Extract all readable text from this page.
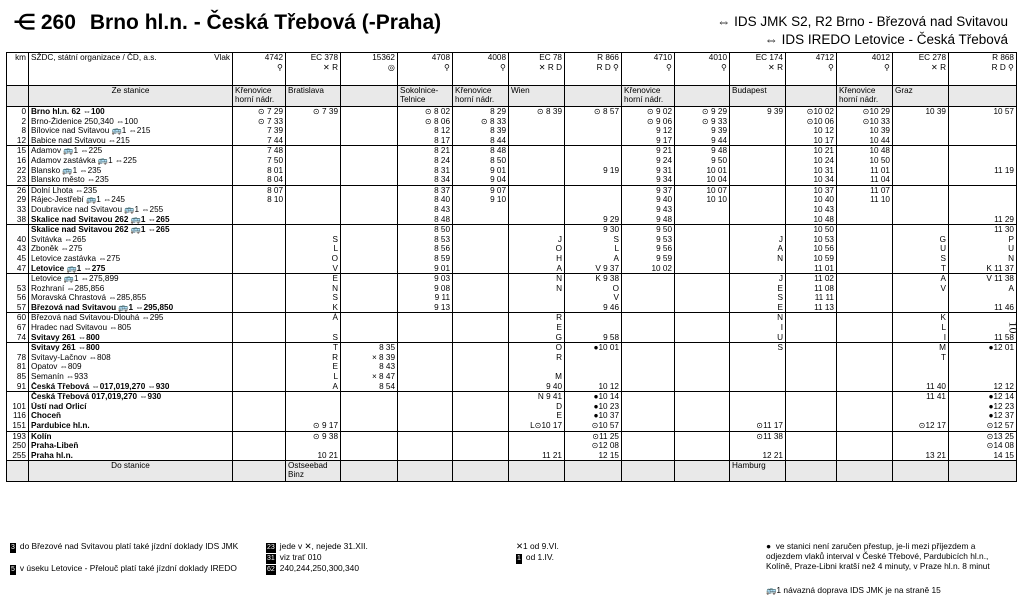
⋲ 260 Brno hl.n. - Česká Třebová (-Praha)	⇔ IDS JMK S2, R2 Brno - Březová nad Svitavou
⇔ IDS IREDO Letovice - Česká Třebová
10
km	SŽDC, státní organizace / ČD, a.s. Vlak	4742	EC 378	15362	4708	4008	EC 78	R 866	4710	4010	EC 174	4712	4012	EC 278	R 868
		⚲	✕ R	◎	⚲	⚲	✕ R D	R D ⚲	⚲	⚲	✕ R	⚲	⚲	✕ R	R D ⚲
	Ze stanice	Křenovice horní nádr.	Bratislava		Sokolnice-Telnice	Křenovice horní nádr.	Wien		Křenovice horní nádr.		Budapest		Křenovice horní nádr.	Graz	
0	Brno hl.n. 62 ⇔100	⊙ 7 29	⊙ 7 39		⊙ 8 02	8 29	⊙ 8 39	⊙ 8 57	⊙ 9 02	⊙ 9 29	9 39	⊙10 02	⊙10 29	10 39	10 57
2	Brno-Židenice 250,340 ⇔100	⊙ 7 33			⊙ 8 06	⊙ 8 33			⊙ 9 06	⊙ 9 33		⊙10 06	⊙10 33		
8	Bílovice nad Svitavou 🚌1 ⇔215	7 39			8 12	8 39			9 12	9 39		10 12	10 39		
12	Babice nad Svitavou ⇔215	7 44			8 17	8 44			9 17	9 44		10 17	10 44		
15	Adamov 🚌1 ⇔225	7 48			8 21	8 48			9 21	9 48		10 21	10 48		
16	Adamov zastávka 🚌1 ⇔225	7 50			8 24	8 50			9 24	9 50		10 24	10 50		
22	Blansko 🚌1 ⇔235	8 01			8 31	9 01		9 19	9 31	10 01		10 31	11 01		11 19
23	Blansko město ⇔235	8 04			8 34	9 04			9 34	10 04		10 34	11 04		
26	Dolní Lhota ⇔235	8 07			8 37	9 07			9 37	10 07		10 37	11 07		
29	Rájec-Jestřebí 🚌1 ⇔245	8 10			8 40	9 10			9 40	10 10		10 40	11 10		
33	Doubravice nad Svitavou 🚌1 ⇔255				8 43				9 43			10 43			
38	Skalice nad Svitavou 262 🚌1 ⇔265				8 48			9 29	9 48			10 48			11 29
	Skalice nad Svitavou 262 🚌1 ⇔265				8 50			9 30	9 50			10 50			11 30
40	Svitávka ⇔265		S		8 53		J	S	9 53		J	10 53		G	P
43	Zboněk ⇔275		L		8 56		O	L	9 56		A	10 56		U	U
45	Letovice zastávka ⇔275		O		8 59		H	A	9 59		N	10 59		S	N
47	Letovice 🚌1 ⇔275		V		9 01		A	V 9 37	10 02			11 01		T	K 11 37
	Letovice 🚌1 ⇔275,899		E		9 03		N	K 9 38			J	11 02		A	V 11 38
53	Rozhraní ⇔285,856		N		9 08		N	O			E	11 08		V	A
56	Moravská Chrastová ⇔285,855		S		9 11			V			S	11 11			
57	Březová nad Svitavou 🚌1 ⇔295,850		K		9 13			9 46			E	11 13			11 46
60	Březová nad Svitavou-Dlouhá ⇔295		Á				R				N			K	
67	Hradec nad Svitavou ⇔805						E				I			L	
74	Svitavy 261 ⇔800		S				G	9 58			U			I	11 58
	Svitavy 261 ⇔800		T	8 35			O	●10 01			S			M	●12 01
78	Svitavy-Lačnov ⇔808		R	× 8 39			R							T	
81	Opatov ⇔809		E	8 43											
85	Semanín ⇔933		L	× 8 47			M								
91	Česká Třebová ⇔017,019,270 ⇔930		A	8 54			9 40	10 12						11 40	12 12
	Česká Třebová 017,019,270 ⇔930						N 9 41	●10 14						11 41	●12 14
101	Ústí nad Orlicí						D	●10 23							●12 23
116	Choceň						E	●10 37							●12 37
151	Pardubice hl.n.		⊙ 9 17				L⊙10 17	⊙10 57			⊙11 17			⊙12 17	⊙12 57
193	Kolín		⊙ 9 38					⊙11 25			⊙11 38				⊙13 25
250	Praha-Libeň							⊙12 08							⊙14 08
255	Praha hl.n.		10 21				11 21	12 15			12 21			13 21	14 15
	Do stanice		Ostseebad Binz								Hamburg				
3 do Březové nad Svitavou platí také jízdní doklady IDS JMK
5 v úseku Letovice - Přelouč platí také jízdní doklady IREDO
23 jede v ✕, nejede 31.XII.
31 viz trať 010
62 240,244,250,300,340
✕1 od 9.VI.
1 od 1.IV.
● ve stanici není zaručen přestup, je-li mezi příjezdem a odjezdem vlaků interval v České Třebové, Pardubicích hl.n., Kolíně, Praze-Libni kratší než 4 minuty, v Praze hl.n. 8 minut
🚌1 návazná doprava IDS JMK je na straně 15
